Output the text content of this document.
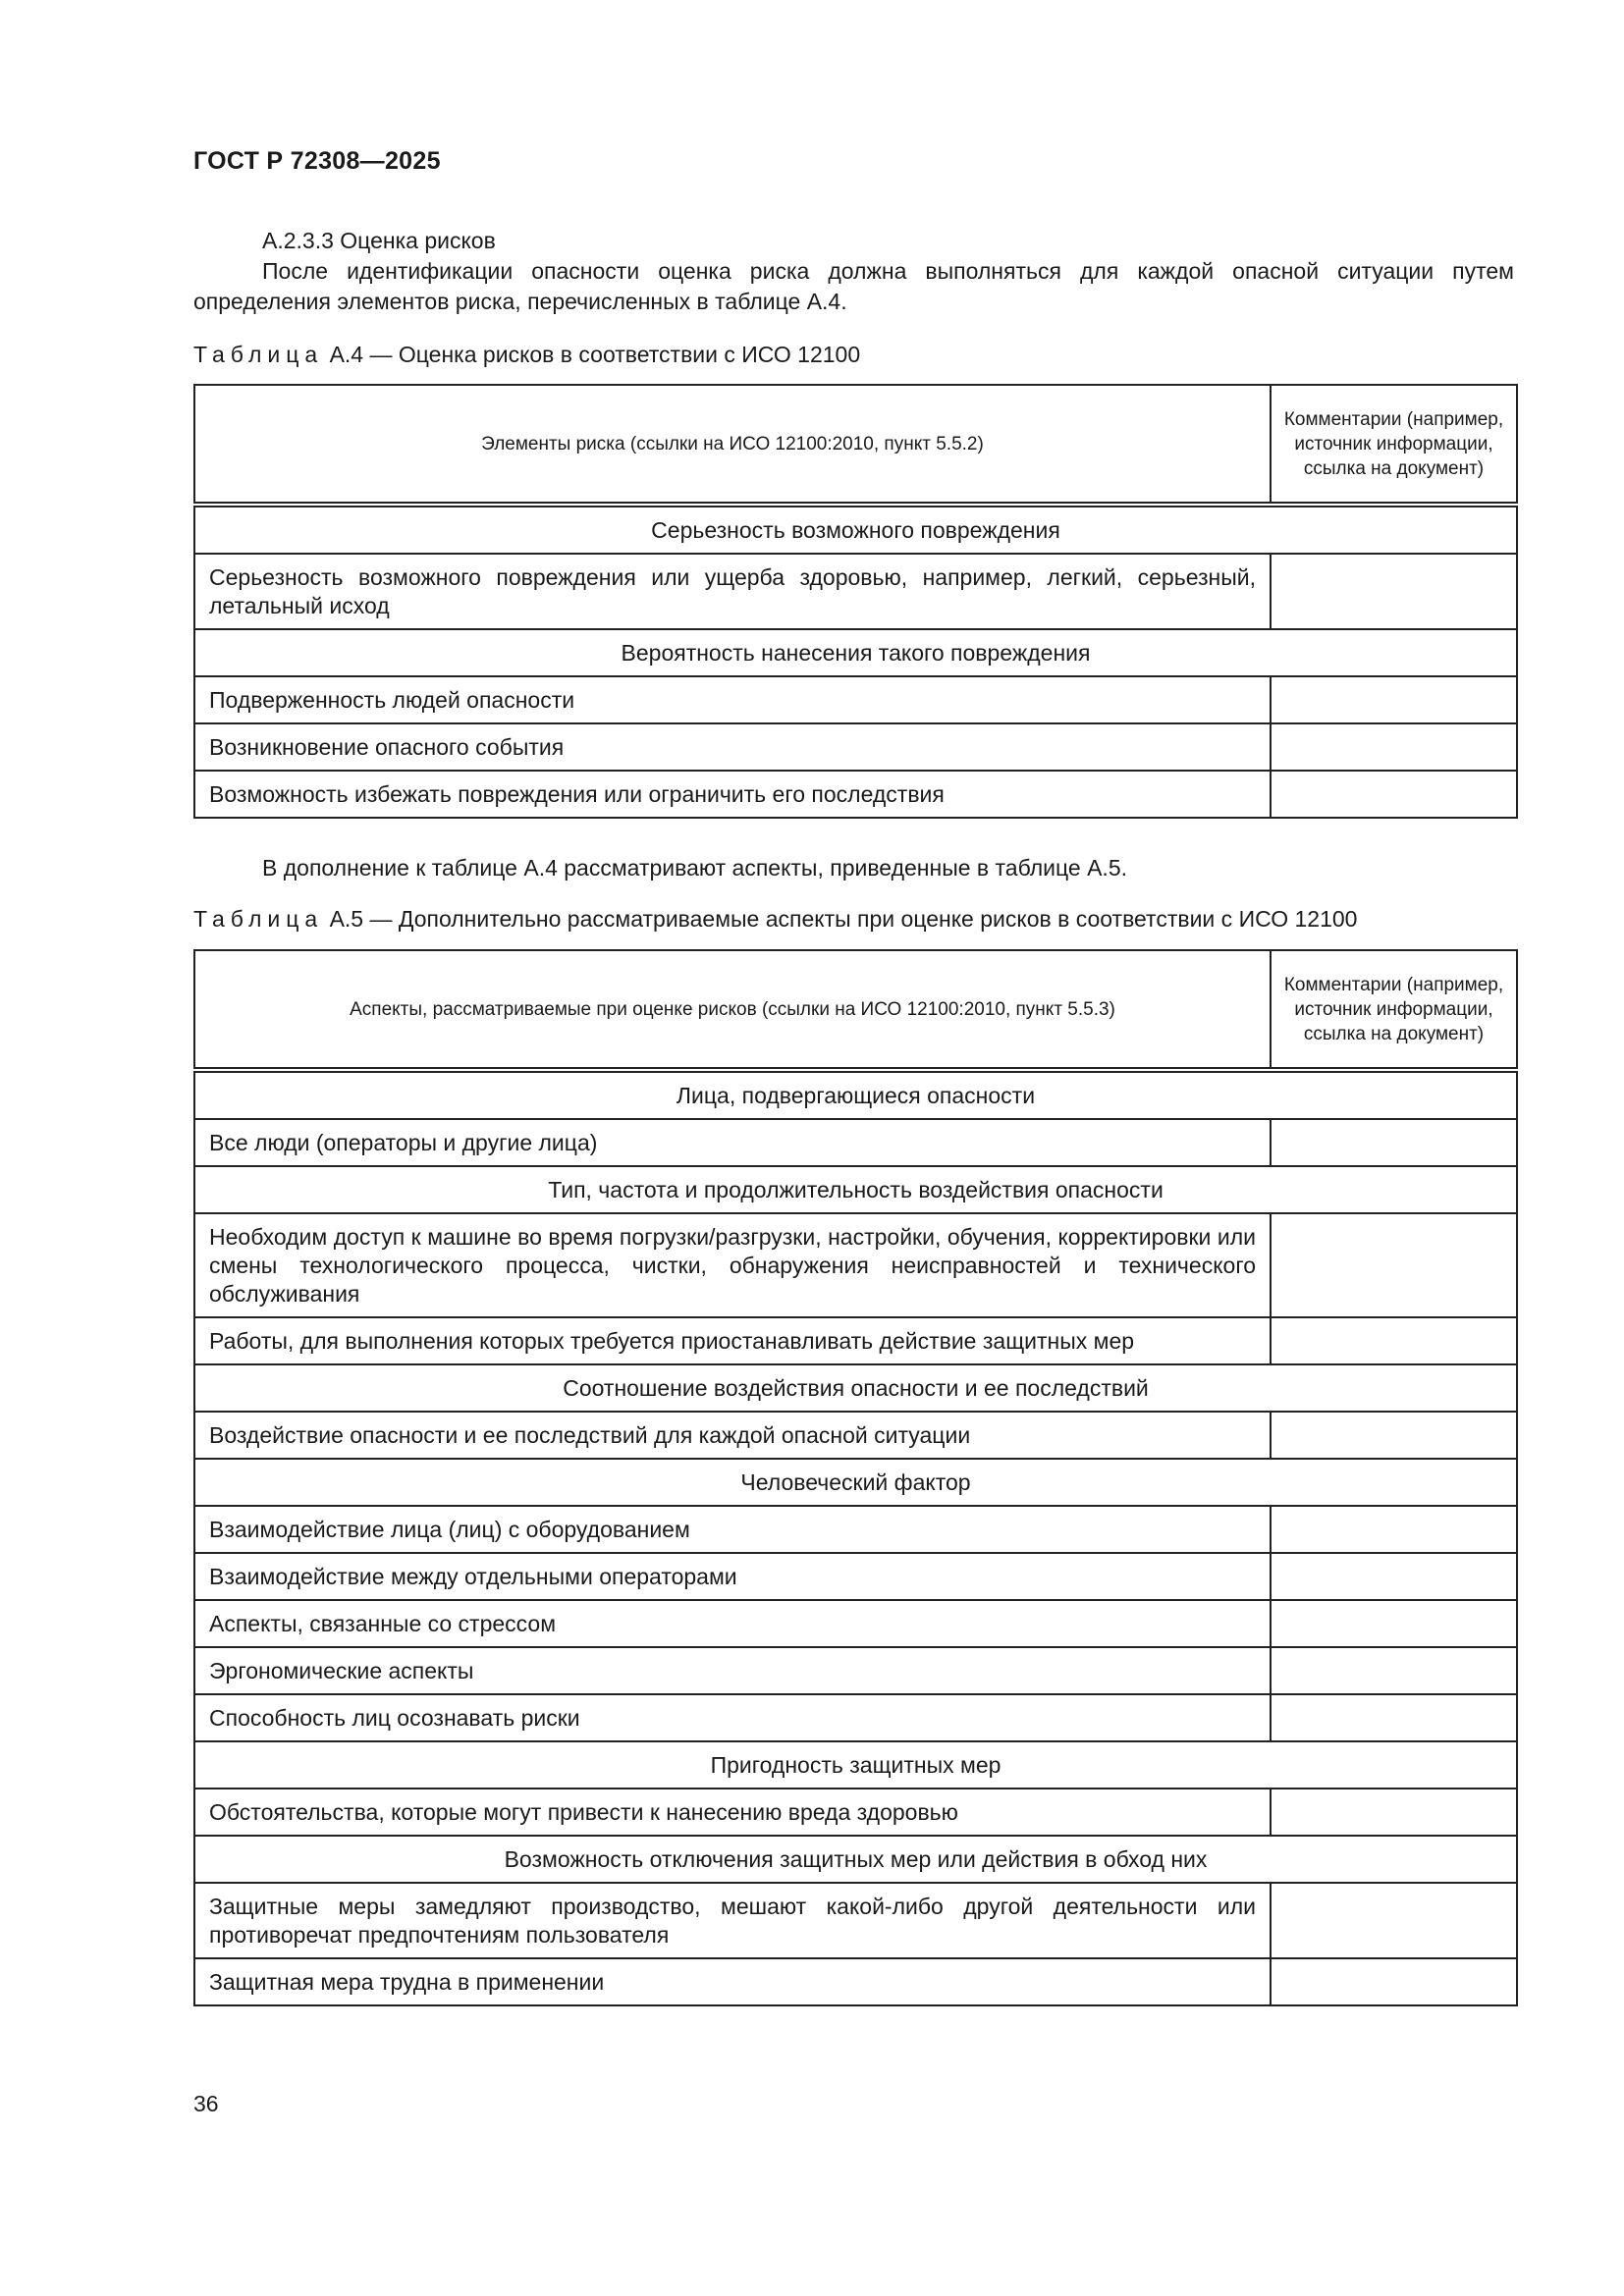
ГОСТ Р 72308—2025
А.2.3.3 Оценка рисков
После идентификации опасности оценка риска должна выполняться для каждой опасной ситуации путем определения элементов риска, перечисленных в таблице А.4.
Таблица А.4 — Оценка рисков в соответствии с ИСО 12100
Элементы риска (ссылки на ИСО 12100:2010, пункт 5.5.2)	Комментарии (например, источник информации, ссылка на документ)
Серьезность возможного повреждения	
Серьезность возможного повреждения или ущерба здоровью, например, легкий, серьезный, летальный исход	
Вероятность нанесения такого повреждения	
Подверженность людей опасности	
Возникновение опасного события	
Возможность избежать повреждения или ограничить его последствия	
В дополнение к таблице А.4 рассматривают аспекты, приведенные в таблице А.5.
Таблица А.5 — Дополнительно рассматриваемые аспекты при оценке рисков в соответствии с ИСО 12100
Аспекты, рассматриваемые при оценке рисков (ссылки на ИСО 12100:2010, пункт 5.5.3)	Комментарии (например, источник информации, ссылка на документ)
Лица, подвергающиеся опасности	
Все люди (операторы и другие лица)	
Тип, частота и продолжительность воздействия опасности	
Необходим доступ к машине во время погрузки/разгрузки, настройки, обучения, корректировки или смены технологического процесса, чистки, обнаружения неисправностей и технического обслуживания	
Работы, для выполнения которых требуется приостанавливать действие защитных мер	
Соотношение воздействия опасности и ее последствий	
Воздействие опасности и ее последствий для каждой опасной ситуации	
Человеческий фактор	
Взаимодействие лица (лиц) с оборудованием	
Взаимодействие между отдельными операторами	
Аспекты, связанные со стрессом	
Эргономические аспекты	
Способность лиц осознавать риски	
Пригодность защитных мер	
Обстоятельства, которые могут привести к нанесению вреда здоровью	
Возможность отключения защитных мер или действия в обход них	
Защитные меры замедляют производство, мешают какой-либо другой деятельности или противоречат предпочтениям пользователя	
Защитная мера трудна в применении	
36
